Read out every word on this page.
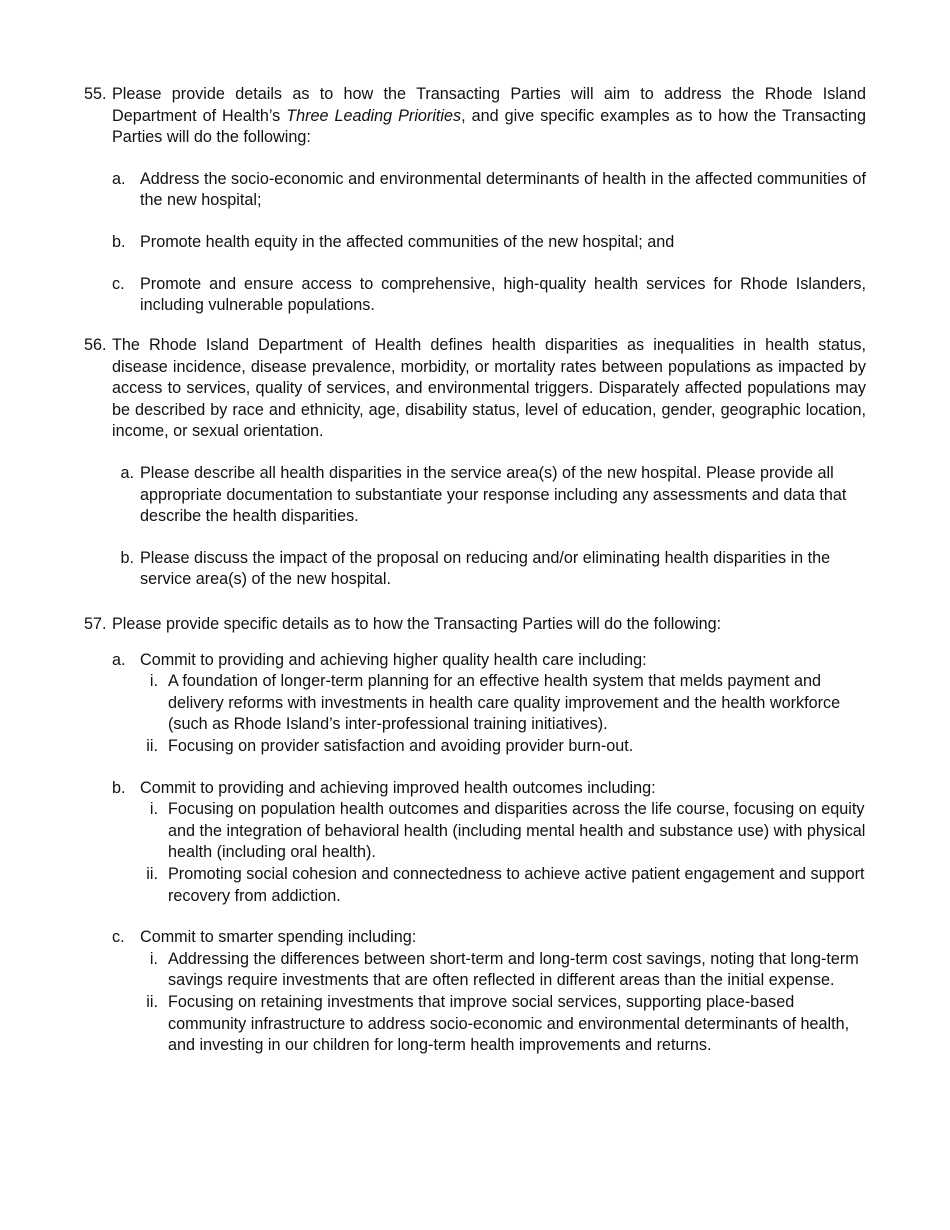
55. Please provide details as to how the Transacting Parties will aim to address the Rhode Island Department of Health’s Three Leading Priorities, and give specific examples as to how the Transacting Parties will do the following:
a. Address the socio-economic and environmental determinants of health in the affected communities of the new hospital;
b. Promote health equity in the affected communities of the new hospital; and
c. Promote and ensure access to comprehensive, high-quality health services for Rhode Islanders, including vulnerable populations.
56. The Rhode Island Department of Health defines health disparities as inequalities in health status, disease incidence, disease prevalence, morbidity, or mortality rates between populations as impacted by access to services, quality of services, and environmental triggers. Disparately affected populations may be described by race and ethnicity, age, disability status, level of education, gender, geographic location, income, or sexual orientation.
a. Please describe all health disparities in the service area(s) of the new hospital. Please provide all appropriate documentation to substantiate your response including any assessments and data that describe the health disparities.
b. Please discuss the impact of the proposal on reducing and/or eliminating health disparities in the service area(s) of the new hospital.
57. Please provide specific details as to how the Transacting Parties will do the following:
a. Commit to providing and achieving higher quality health care including:
i. A foundation of longer-term planning for an effective health system that melds payment and delivery reforms with investments in health care quality improvement and the health workforce (such as Rhode Island’s inter-professional training initiatives).
ii. Focusing on provider satisfaction and avoiding provider burn-out.
b. Commit to providing and achieving improved health outcomes including:
i. Focusing on population health outcomes and disparities across the life course, focusing on equity and the integration of behavioral health (including mental health and substance use) with physical health (including oral health).
ii. Promoting social cohesion and connectedness to achieve active patient engagement and support recovery from addiction.
c. Commit to smarter spending including:
i. Addressing the differences between short-term and long-term cost savings, noting that long-term savings require investments that are often reflected in different areas than the initial expense.
ii. Focusing on retaining investments that improve social services, supporting place-based community infrastructure to address socio-economic and environmental determinants of health, and investing in our children for long-term health improvements and returns.
